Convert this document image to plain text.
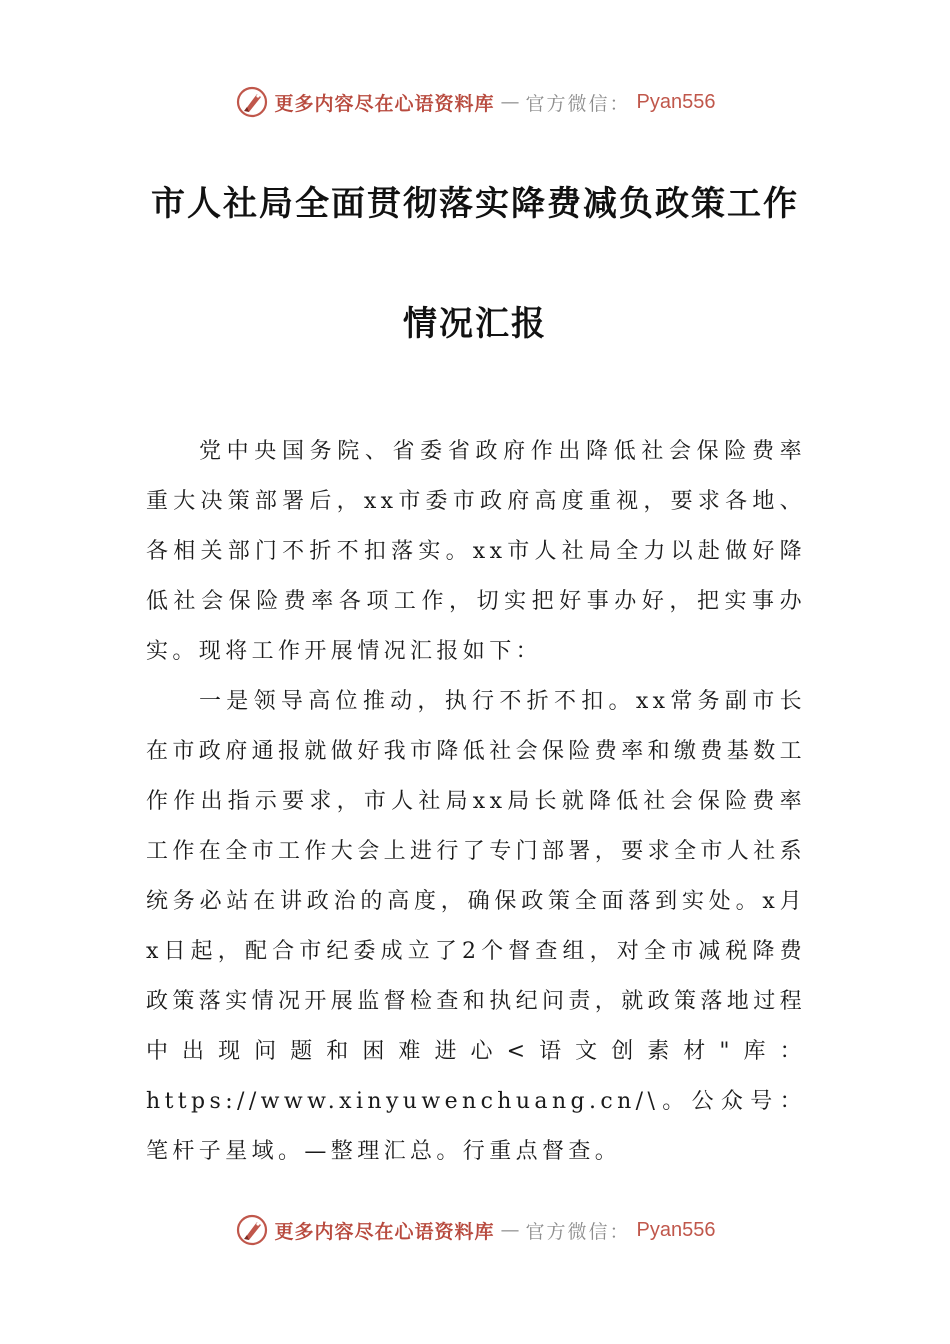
更多内容尽在心语资料库 — 官方微信： Pyan556
市人社局全面贯彻落实降费减负政策工作
情况汇报

党中央国务院、省委省政府作出降低社会保险费率重大决策部署后，xx市委市政府高度重视，要求各地、各相关部门不折不扣落实。xx市人社局全力以赴做好降低社会保险费率各项工作，切实把好事办好，把实事办实。现将工作开展情况汇报如下：

一是领导高位推动，执行不折不扣。xx常务副市长在市政府通报就做好我市降低社会保险费率和缴费基数工作作出指示要求，市人社局xx局长就降低社会保险费率工作在全市工作大会上进行了专门部署，要求全市人社系统务必站在讲政治的高度，确保政策全面落到实处。x月x日起，配合市纪委成立了2个督查组，对全市减税降费政策落实情况开展监督检查和执纪问责，就政策落地过程中出现问题和困难进心<语文创素材"库：https://www.xinyuwenchuang.cn/\。公众号：笔杆子星域。—整理汇总。行重点督查。

更多内容尽在心语资料库 — 官方微信： Pyan556
